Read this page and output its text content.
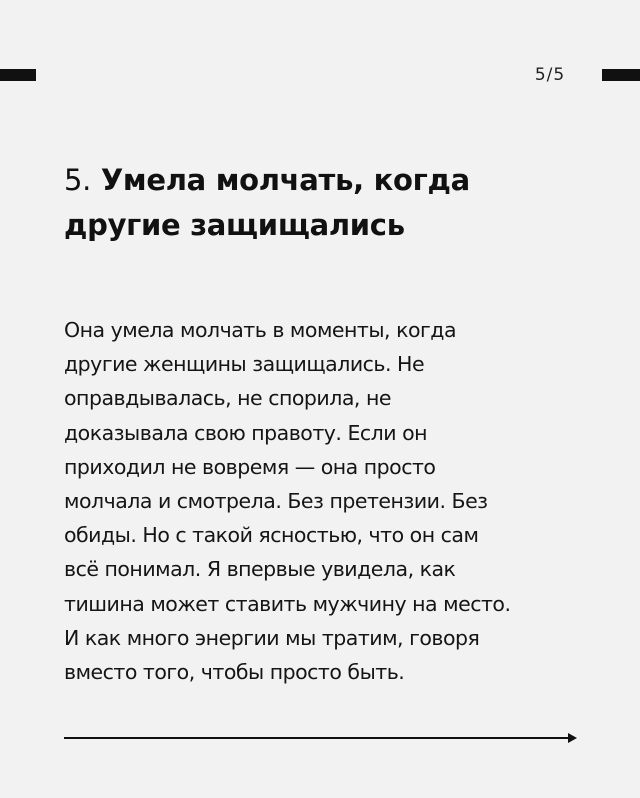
5/5
5. Умела молчать, когда другие защищались

Она умела молчать в моменты, когда
другие женщины защищались. Не
оправдывалась, не спорила, не
доказывала свою правоту. Если он
приходил не вовремя — она просто
молчала и смотрела. Без претензии. Без
обиды. Но с такой ясностью, что он сам
всё понимал. Я впервые увидела, как
тишина может ставить мужчину на место.
И как много энергии мы тратим, говоря
вместо того, чтобы просто быть.
